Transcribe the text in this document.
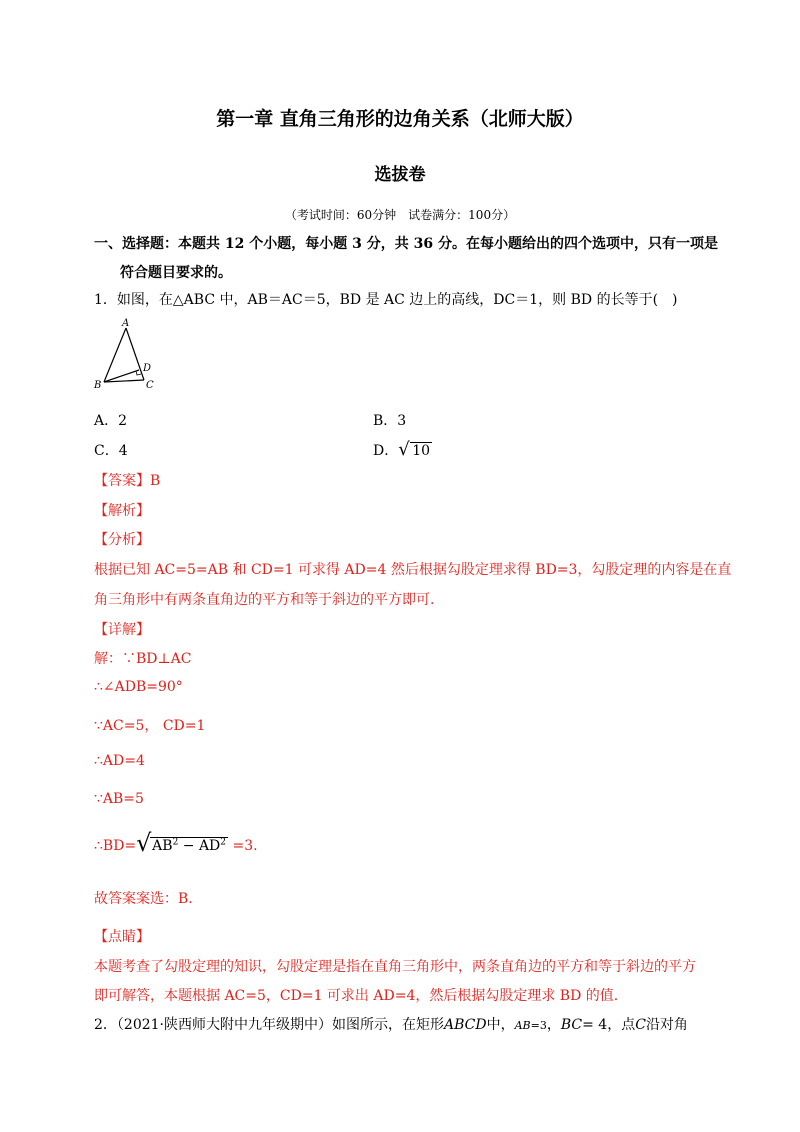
第一章 直角三角形的边角关系（北师大版）
选拔卷
（考试时间：60分钟　试卷满分：100分）
一、选择题：本题共 12 个小题，每小题 3 分，共 36 分。在每小题给出的四个选项中，只有一项是
符合题目要求的。
1．如图，在△ABC 中，AB＝AC＝5，BD 是 AC 边上的高线，DC＝1，则 BD 的长等于(　)
A
B	C
D
A．2	B．3
C．4	D． √ 10
【答案】B
【解析】
【分析】
根据已知 AC=5=AB 和 CD=1 可求得 AD=4 然后根据勾股定理求得 BD=3，勾股定理的内容是在直
角三角形中有两条直角边的平方和等于斜边的平方即可.
【详解】
解：∵BD⊥AC
∴∠ADB=90°
∵AC=5， CD=1
∴AD=4
∵AB=5
∴BD= √ $AB^2 - AD^2 =3$.
故答案案选：B.
【点睛】
本题考查了勾股定理的知识，勾股定理是指在直角三角形中，两条直角边的平方和等于斜边的平方
即可解答，本题根据 AC=5，CD=1 可求出 AD=4，然后根据勾股定理求 BD 的值.
2．（2021·陕西师大附中九年级期中）如图所示，在矩形ABCD中，AB=3，BC= 4，点C沿对角
